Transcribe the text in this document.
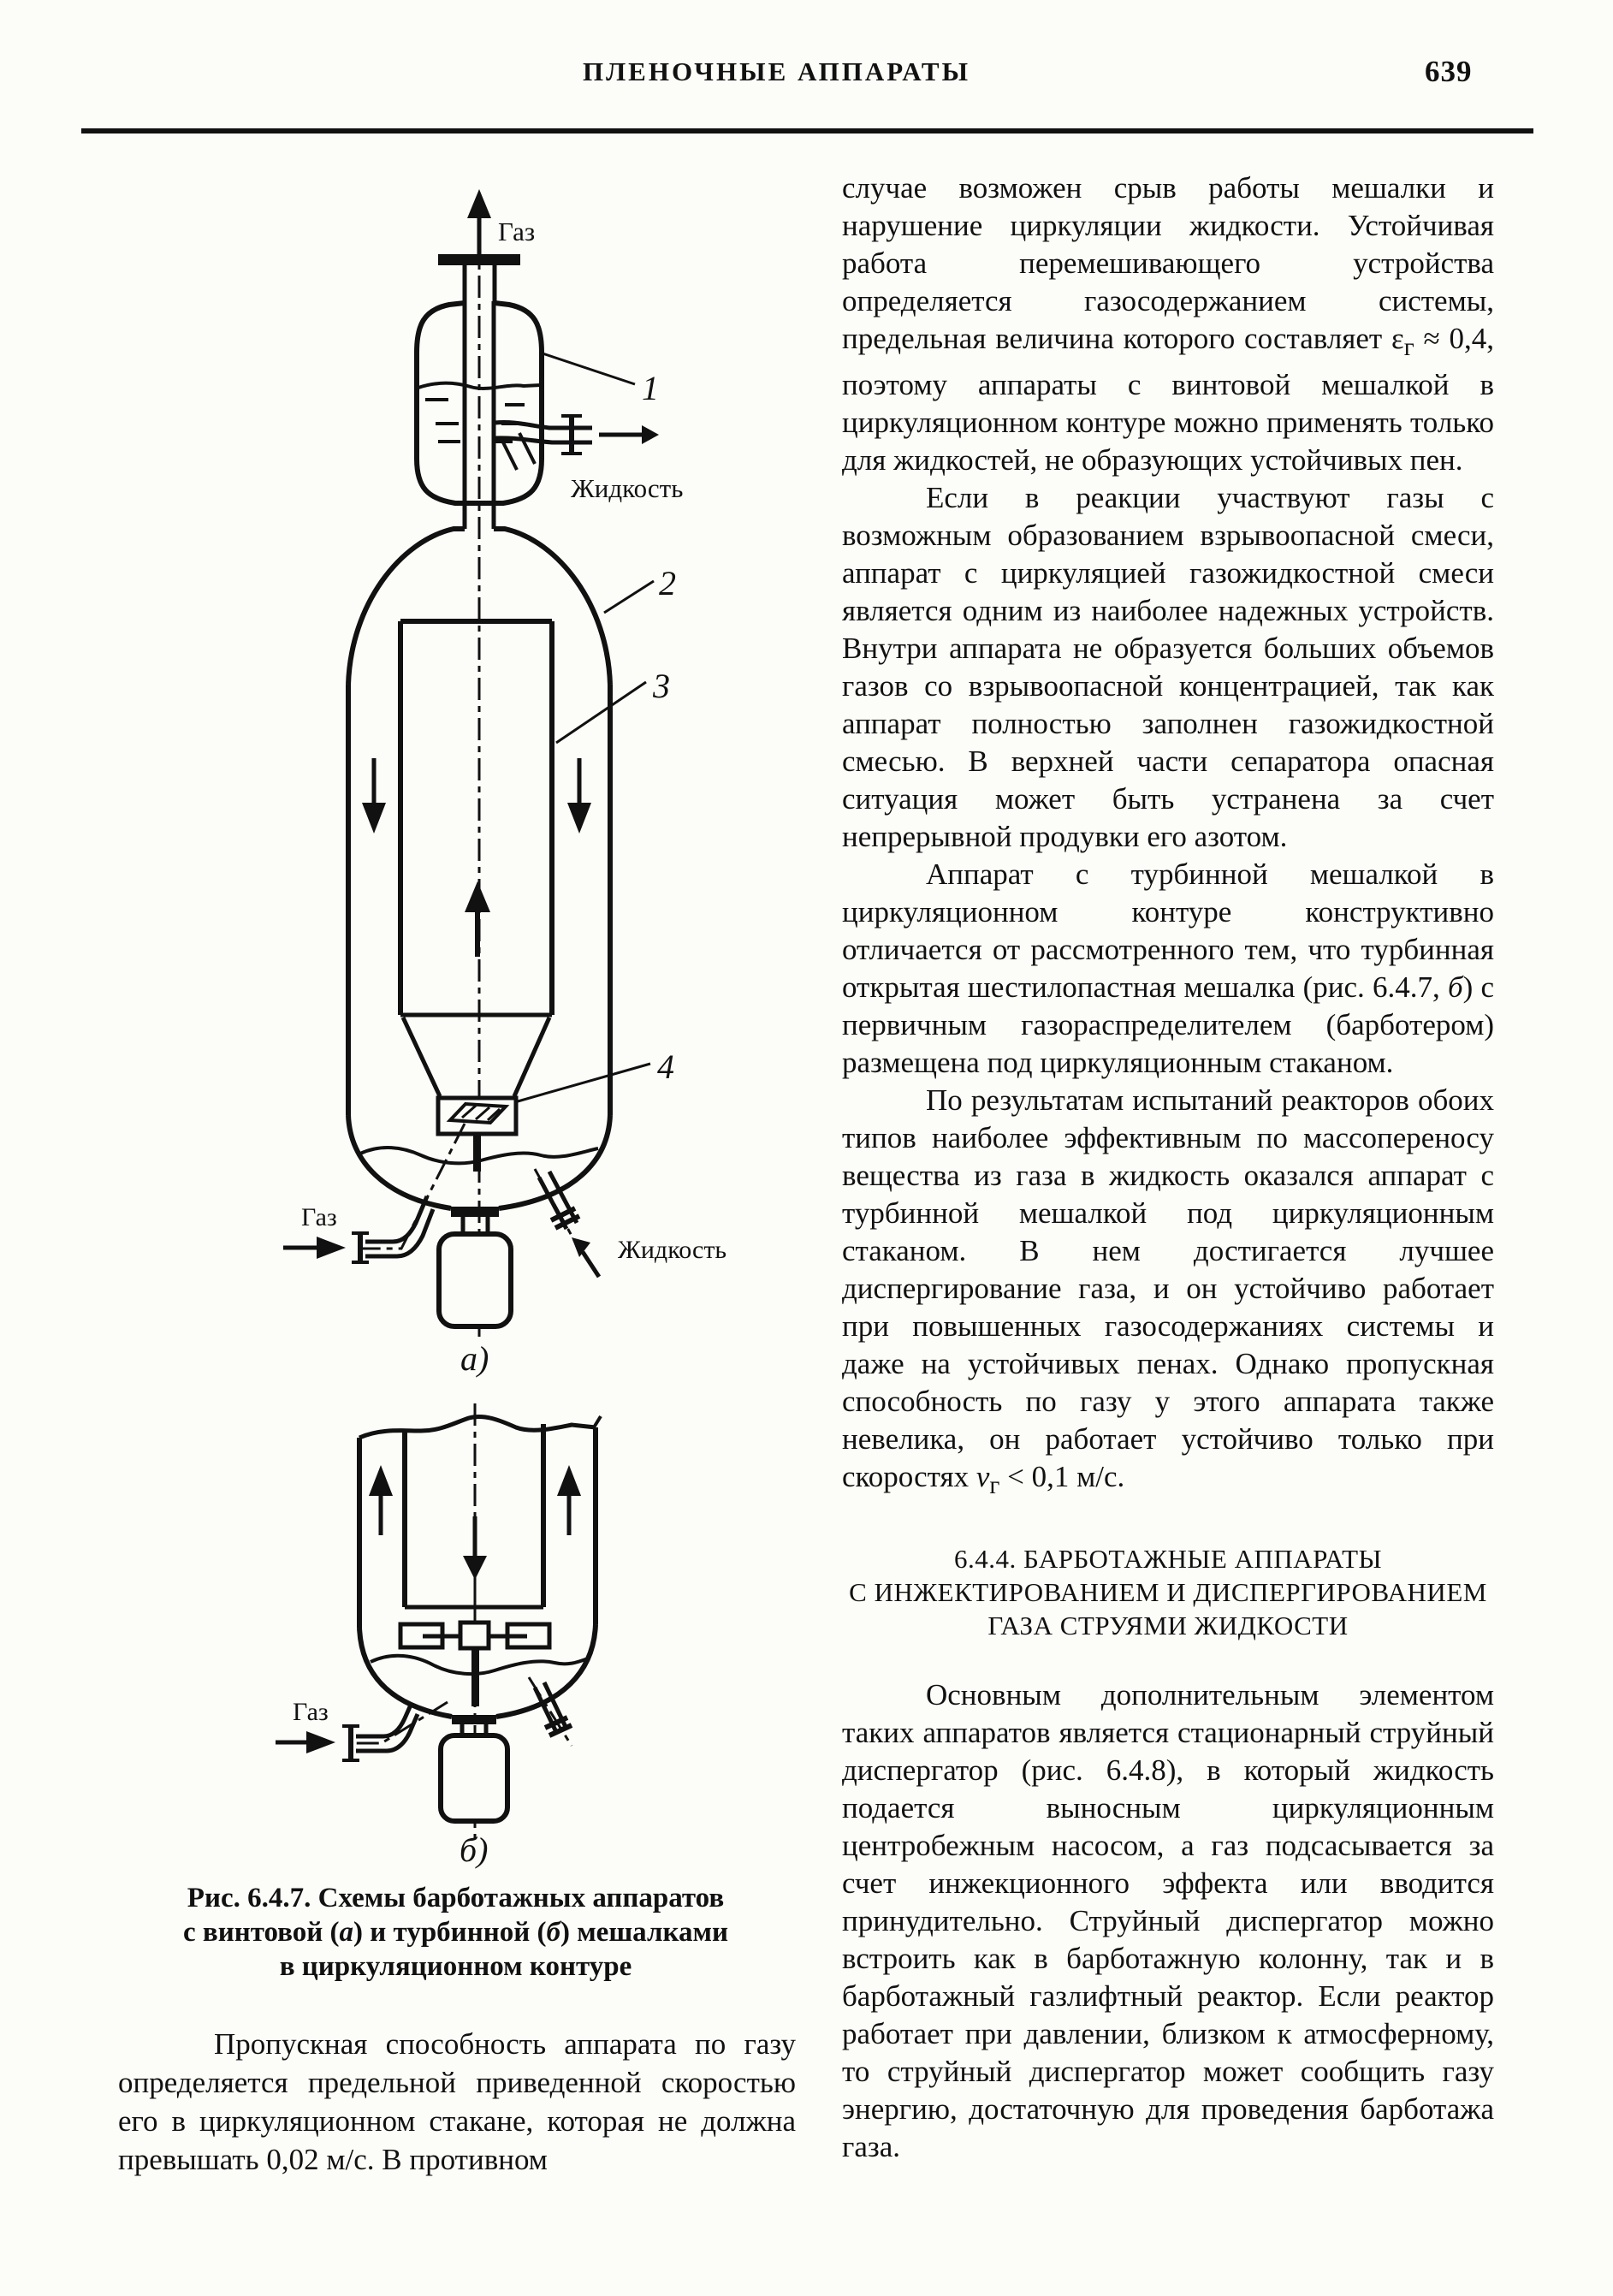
ПЛЕНОЧНЫЕ АППАРАТЫ	639
Газ
1
Жидкость
2
3
4
Газ
Жидкость
а)
Газ
б)
Рис. 6.4.7. Схемы барботажных аппаратов
с винтовой (а) и турбинной (б) мешалками
в циркуляционном контуре
Пропускная способность аппарата по газу определяется предельной приведенной скоростью его в циркуляционном стакане, которая не должна превышать 0,02 м/с. В противном

случае возможен срыв работы мешалки и нарушение циркуляции жидкости. Устойчивая работа перемешивающего устройства определяется газосодержанием системы, предельная величина которого составляет $\varepsilon_г \approx 0,4$, поэтому аппараты с винтовой мешалкой в циркуляционном контуре можно применять только для жидкостей, не образующих устойчивых пен.

Если в реакции участвуют газы с возможным образованием взрывоопасной смеси, аппарат с циркуляцией газожидкостной смеси является одним из наиболее надежных устройств. Внутри аппарата не образуется больших объемов газов со взрывоопасной концентрацией, так как аппарат полностью заполнен газожидкостной смесью. В верхней части сепаратора опасная ситуация может быть устранена за счет непрерывной продувки его азотом.

Аппарат с турбинной мешалкой в циркуляционном контуре конструктивно отличается от рассмотренного тем, что турбинная открытая шестилопастная мешалка (рис. 6.4.7, б) с первичным газораспределителем (барботером) размещена под циркуляционным стаканом.

По результатам испытаний реакторов обоих типов наиболее эффективным по массопереносу вещества из газа в жидкость оказался аппарат с турбинной мешалкой под циркуляционным стаканом. В нем достигается лучшее диспергирование газа, и он устойчиво работает при повышенных газосодержаниях системы и даже на устойчивых пенах. Однако пропускная способность по газу у этого аппарата также невелика, он работает устойчиво только при скоростях $v_г < 0,1$ м/с.

6.4.4. БАРБОТАЖНЫЕ АППАРАТЫ
С ИНЖЕКТИРОВАНИЕМ И ДИСПЕРГИРОВАНИЕМ
ГАЗА СТРУЯМИ ЖИДКОСТИ

Основным дополнительным элементом таких аппаратов является стационарный струйный диспергатор (рис. 6.4.8), в который жидкость подается выносным циркуляционным центробежным насосом, а газ подсасывается за счет инжекционного эффекта или вводится принудительно. Струйный диспергатор можно встроить как в барботажную колонну, так и в барботажный газлифтный реактор. Если реактор работает при давлении, близком к атмосферному, то струйный диспергатор может сообщить газу энергию, достаточную для проведения барботажа газа.
